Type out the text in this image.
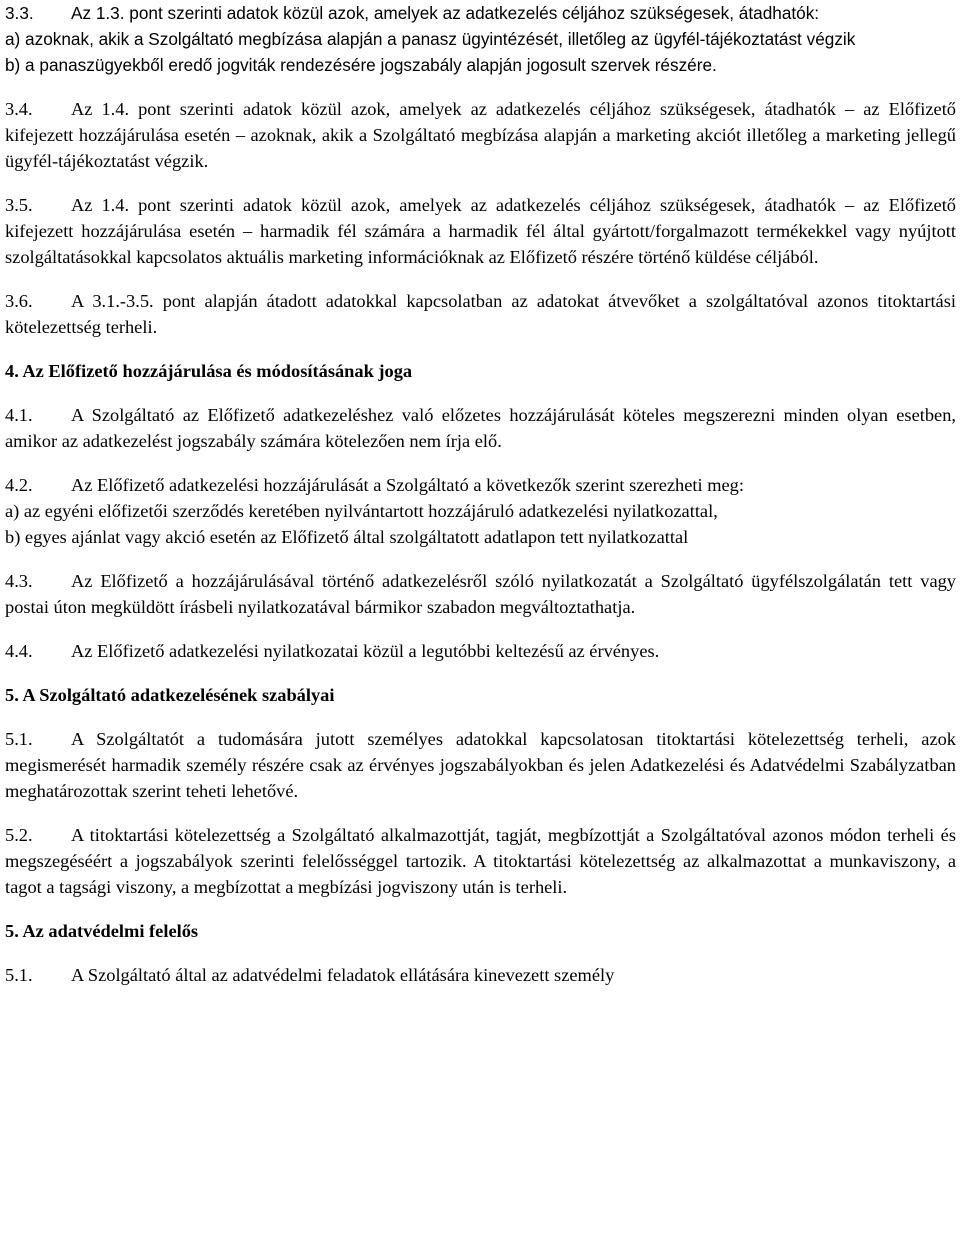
3.3. Az 1.3. pont szerinti adatok közül azok, amelyek az adatkezelés céljához szükségesek, átadhatók:

a) azoknak, akik a Szolgáltató megbízása alapján a panasz ügyintézését, illetőleg az ügyfél-tájékoztatást végzik

b) a panaszügyekből eredő jogviták rendezésére jogszabály alapján jogosult szervek részére.

3.4. Az 1.4. pont szerinti adatok közül azok, amelyek az adatkezelés céljához szükségesek, átadhatók – az Előfizető kifejezett hozzájárulása esetén – azoknak, akik a Szolgáltató megbízása alapján a marketing akciót illetőleg a marketing jellegű ügyfél-tájékoztatást végzik.

3.5. Az 1.4. pont szerinti adatok közül azok, amelyek az adatkezelés céljához szükségesek, átadhatók – az Előfizető kifejezett hozzájárulása esetén – harmadik fél számára a harmadik fél által gyártott/forgalmazott termékekkel vagy nyújtott szolgáltatásokkal kapcsolatos aktuális marketing információknak az Előfizető részére történő küldése céljából.

3.6. A 3.1.-3.5. pont alapján átadott adatokkal kapcsolatban az adatokat átvevőket a szolgáltatóval azonos titoktartási kötelezettség terheli.

4. Az Előfizető hozzájárulása és módosításának joga

4.1. A Szolgáltató az Előfizető adatkezeléshez való előzetes hozzájárulását köteles megszerezni minden olyan esetben, amikor az adatkezelést jogszabály számára kötelezően nem írja elő.

4.2. Az Előfizető adatkezelési hozzájárulását a Szolgáltató a következők szerint szerezheti meg:

a) az egyéni előfizetői szerződés keretében nyilvántartott hozzájáruló adatkezelési nyilatkozattal,

b) egyes ajánlat vagy akció esetén az Előfizető által szolgáltatott adatlapon tett nyilatkozattal

4.3. Az Előfizető a hozzájárulásával történő adatkezelésről szóló nyilatkozatát a Szolgáltató ügyfélszolgálatán tett vagy postai úton megküldött írásbeli nyilatkozatával bármikor szabadon megváltoztathatja.

4.4. Az Előfizető adatkezelési nyilatkozatai közül a legutóbbi keltezésű az érvényes.

5. A Szolgáltató adatkezelésének szabályai

5.1. A Szolgáltatót a tudomására jutott személyes adatokkal kapcsolatosan titoktartási kötelezettség terheli, azok megismerését harmadik személy részére csak az érvényes jogszabályokban és jelen Adatkezelési és Adatvédelmi Szabályzatban meghatározottak szerint teheti lehetővé.

5.2. A titoktartási kötelezettség a Szolgáltató alkalmazottját, tagját, megbízottját a Szolgáltatóval azonos módon terheli és megszegéséért a jogszabályok szerinti felelősséggel tartozik. A titoktartási kötelezettség az alkalmazottat a munkaviszony, a tagot a tagsági viszony, a megbízottat a megbízási jogviszony után is terheli.

5. Az adatvédelmi felelős

5.1. A Szolgáltató által az adatvédelmi feladatok ellátására kinevezett személy
